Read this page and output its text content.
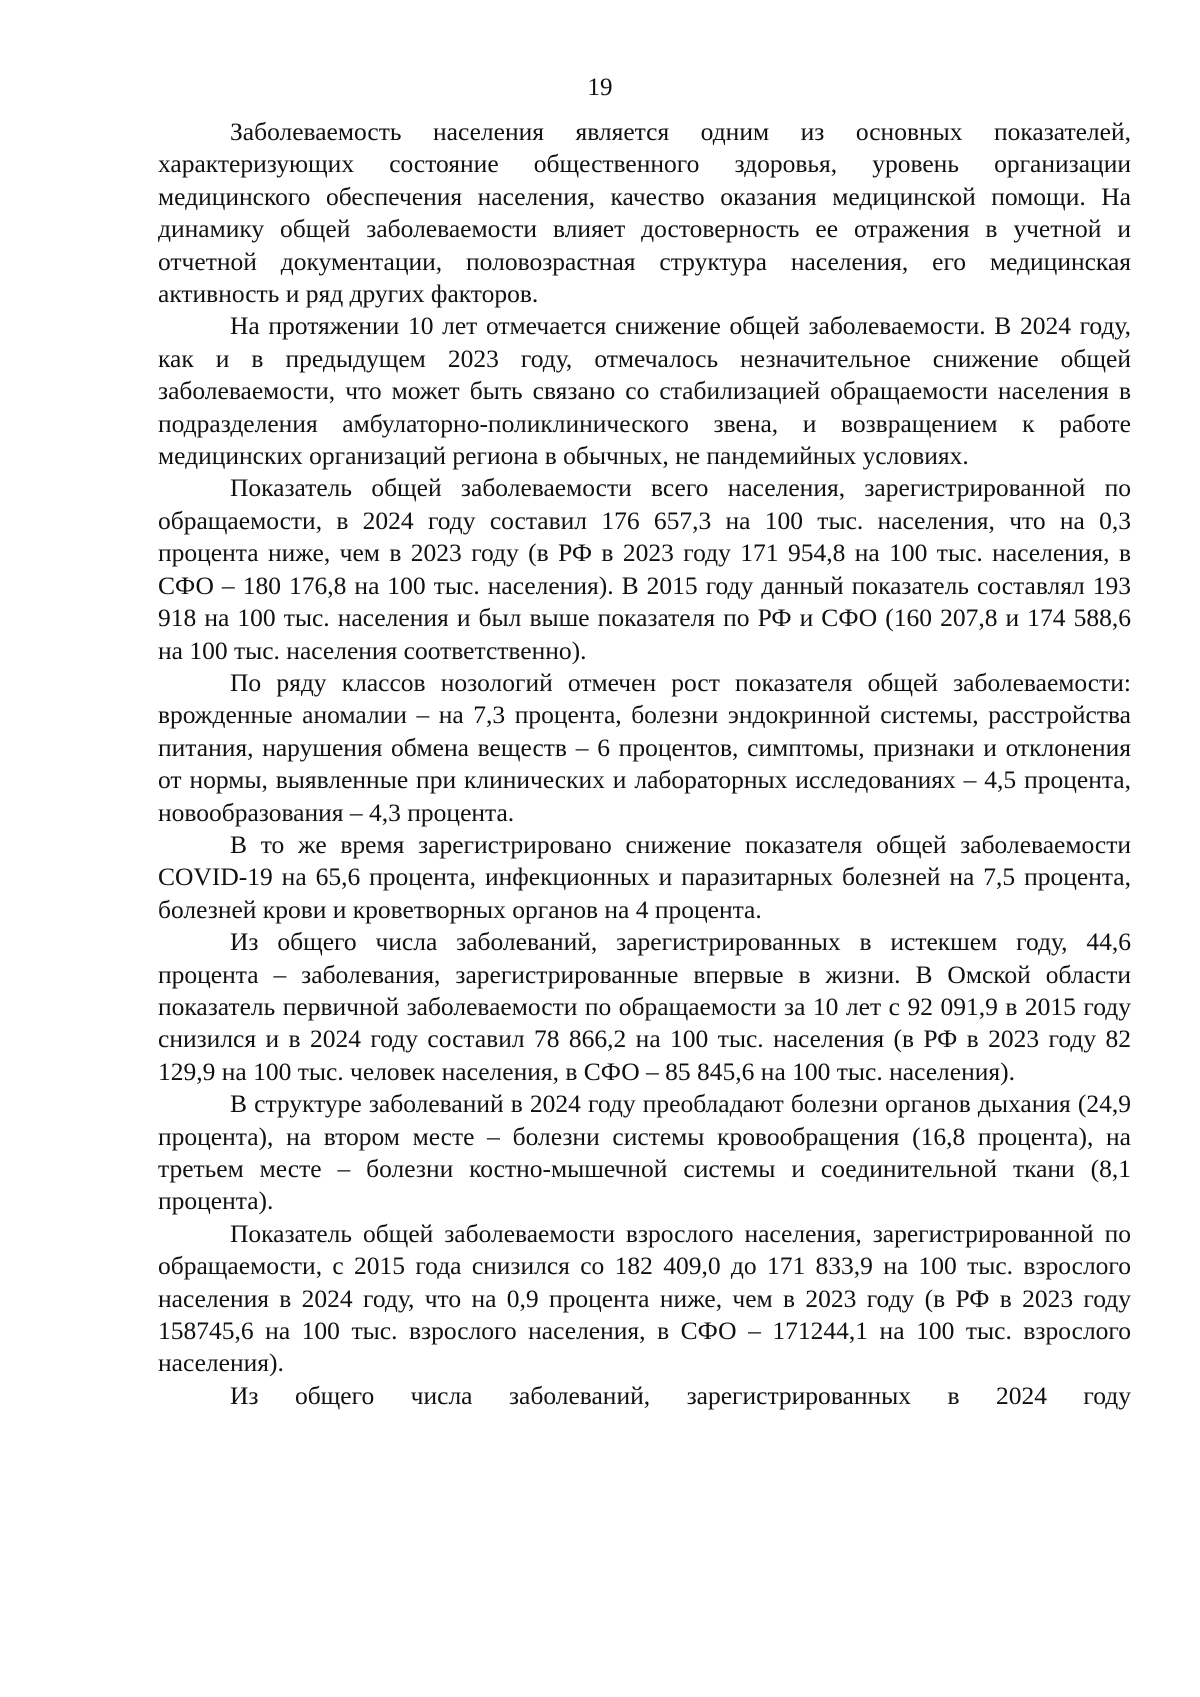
19

Заболеваемость населения является одним из основных показателей, характеризующих состояние общественного здоровья, уровень организации медицинского обеспечения населения, качество оказания медицинской помощи. На динамику общей заболеваемости влияет достоверность ее отражения в учетной и отчетной документации, половозрастная структура населения, его медицинская активность и ряд других факторов.

На протяжении 10 лет отмечается снижение общей заболеваемости. В 2024 году, как и в предыдущем 2023 году, отмечалось незначительное снижение общей заболеваемости, что может быть связано со стабилизацией обращаемости населения в подразделения амбулаторно-поликлинического звена, и возвращением к работе медицинских организаций региона в обычных, не пандемийных условиях.

Показатель общей заболеваемости всего населения, зарегистрированной по обращаемости, в 2024 году составил 176 657,3 на 100 тыс. населения, что на 0,3 процента ниже, чем в 2023 году (в РФ в 2023 году 171 954,8 на 100 тыс. населения, в СФО – 180 176,8 на 100 тыс. населения). В 2015 году данный показатель составлял 193 918 на 100 тыс. населения и был выше показателя по РФ и СФО (160 207,8 и 174 588,6 на 100 тыс. населения соответственно).

По ряду классов нозологий отмечен рост показателя общей заболеваемости: врожденные аномалии – на 7,3 процента, болезни эндокринной системы, расстройства питания, нарушения обмена веществ – 6 процентов, симптомы, признаки и отклонения от нормы, выявленные при клинических и лабораторных исследованиях – 4,5 процента, новообразования – 4,3 процента.

В то же время зарегистрировано снижение показателя общей заболеваемости COVID-19 на 65,6 процента, инфекционных и паразитарных болезней на 7,5 процента, болезней крови и кроветворных органов на 4 процента.

Из общего числа заболеваний, зарегистрированных в истекшем году, 44,6 процента – заболевания, зарегистрированные впервые в жизни. В Омской области показатель первичной заболеваемости по обращаемости за 10 лет с 92 091,9 в 2015 году снизился и в 2024 году составил 78 866,2 на 100 тыс. населения (в РФ в 2023 году 82 129,9 на 100 тыс. человек населения, в СФО – 85 845,6 на 100 тыс. населения).

В структуре заболеваний в 2024 году преобладают болезни органов дыхания (24,9 процента), на втором месте – болезни системы кровообращения (16,8 процента), на третьем месте – болезни костно-мышечной системы и соединительной ткани (8,1 процента).

Показатель общей заболеваемости взрослого населения, зарегистрированной по обращаемости, с 2015 года снизился со 182 409,0 до 171 833,9 на 100 тыс. взрослого населения в 2024 году, что на 0,9 процента ниже, чем в 2023 году (в РФ в 2023 году 158745,6 на 100 тыс. взрослого населения, в СФО – 171244,1 на 100 тыс. взрослого населения).

Из общего числа заболеваний, зарегистрированных в 2024 году
